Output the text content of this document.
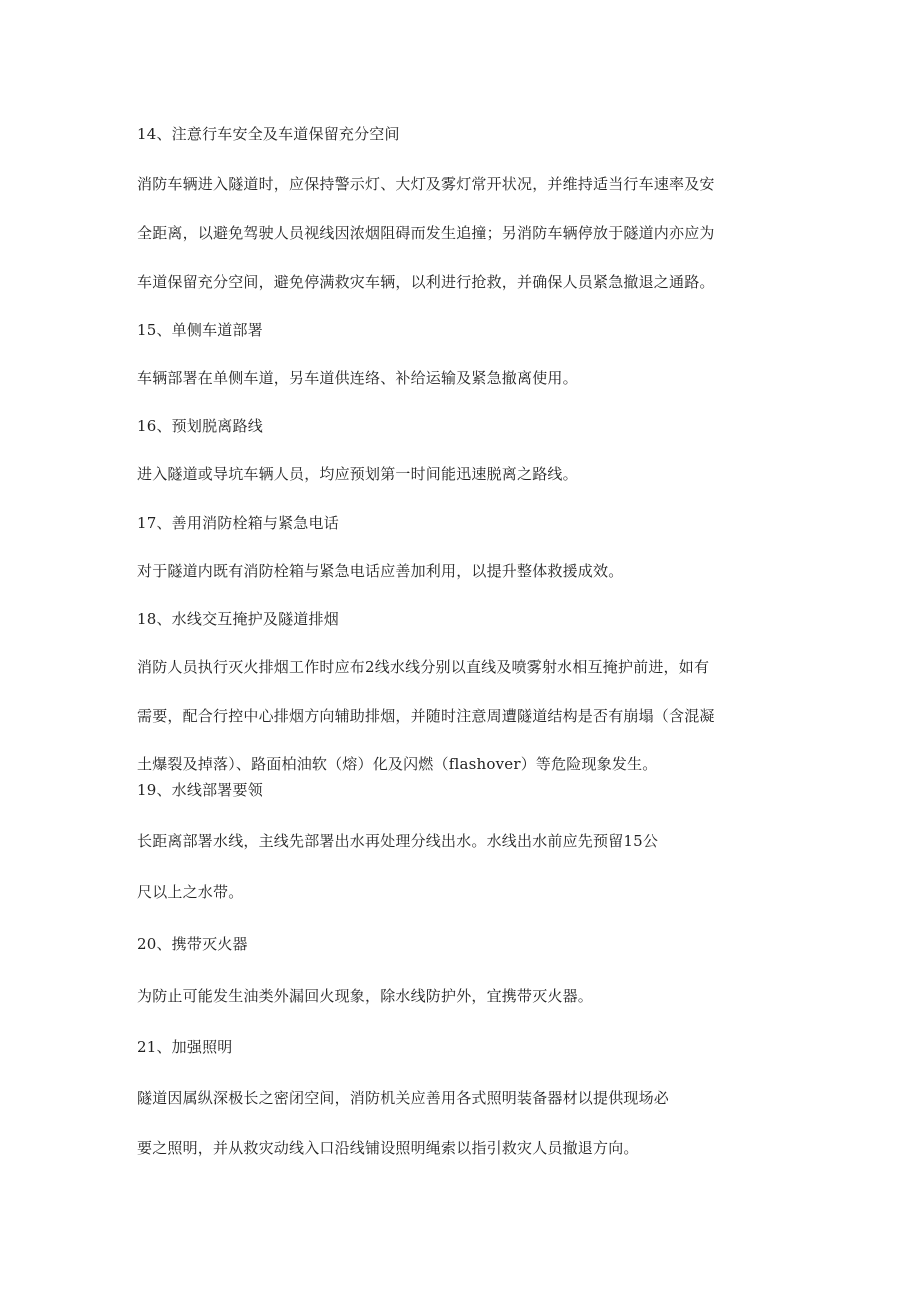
14、注意行车安全及车道保留充分空间

消防车辆进入隧道时，应保持警示灯、大灯及雾灯常开状况，并维持适当行车速率及安

全距离，以避免驾驶人员视线因浓烟阻碍而发生追撞；另消防车辆停放于隧道内亦应为

车道保留充分空间，避免停满救灾车辆，以利进行抢救，并确保人员紧急撤退之通路。

15、单侧车道部署

车辆部署在单侧车道，另车道供连络、补给运输及紧急撤离使用。

16、预划脱离路线

进入隧道或导坑车辆人员，均应预划第一时间能迅速脱离之路线。

17、善用消防栓箱与紧急电话

对于隧道内既有消防栓箱与紧急电话应善加利用，以提升整体救援成效。

18、水线交互掩护及隧道排烟

消防人员执行灭火排烟工作时应布2线水线分别以直线及喷雾射水相互掩护前进，如有

需要，配合行控中心排烟方向辅助排烟，并随时注意周遭隧道结构是否有崩塌（含混凝

土爆裂及掉落）、路面柏油软（熔）化及闪燃（flashover）等危险现象发生。

19、水线部署要领

长距离部署水线，主线先部署出水再处理分线出水。水线出水前应先预留15公

尺以上之水带。

20、携带灭火器

为防止可能发生油类外漏回火现象，除水线防护外，宜携带灭火器。

21、加强照明

隧道因属纵深极长之密闭空间，消防机关应善用各式照明装备器材以提供现场必

要之照明，并从救灾动线入口沿线铺设照明绳索以指引救灾人员撤退方向。
